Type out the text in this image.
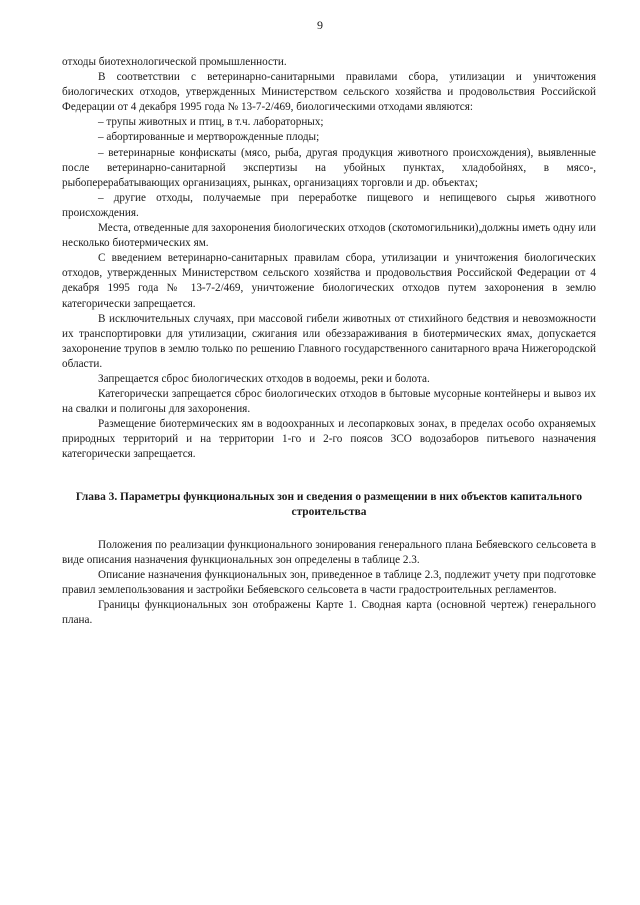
9

отходы биотехнологической промышленности.

В соответствии с ветеринарно-санитарными правилами сбора, утилизации и уничтожения биологических отходов, утвержденных Министерством сельского хозяйства и продовольствия Российской Федерации от 4 декабря 1995 года № 13-7-2/469, биологическими отходами являются:

– трупы животных и птиц, в т.ч. лабораторных;

– абортированные и мертворожденные плоды;

– ветеринарные конфискаты (мясо, рыба, другая продукция животного происхождения), выявленные после ветеринарно-санитарной экспертизы на убойных пунктах, хладобойнях, в мясо-, рыбоперерабатывающих организациях, рынках, организациях торговли и др. объектах;

– другие отходы, получаемые при переработке пищевого и непищевого сырья животного происхождения.

Места, отведенные для захоронения биологических отходов (скотомогильники),должны иметь одну или несколько биотермических ям.

С введением ветеринарно-санитарных правилам сбора, утилизации и уничтожения биологических отходов, утвержденных Министерством сельского хозяйства и продовольствия Российской Федерации от 4 декабря 1995 года № 13-7-2/469, уничтожение биологических отходов путем захоронения в землю категорически запрещается.

В исключительных случаях, при массовой гибели животных от стихийного бедствия и невозможности их транспортировки для утилизации, сжигания или обеззараживания в биотермических ямах, допускается захоронение трупов в землю только по решению Главного государственного санитарного врача Нижегородской области.

Запрещается сброс биологических отходов в водоемы, реки и болота.

Категорически запрещается сброс биологических отходов в бытовые мусорные контейнеры и вывоз их на свалки и полигоны для захоронения.

Размещение биотермических ям в водоохранных и лесопарковых зонах, в пределах особо охраняемых природных территорий и на территории 1-го и 2-го поясов ЗСО водозаборов питьевого назначения категорически запрещается.

Глава 3. Параметры функциональных зон и сведения о размещении в них объектов капитального строительства

Положения по реализации функционального зонирования генерального плана Бебяевского сельсовета в виде описания назначения функциональных зон определены в таблице 2.3.

Описание назначения функциональных зон, приведенное в таблице 2.3, подлежит учету при подготовке правил землепользования и застройки Бебяевского сельсовета в части градостроительных регламентов.

Границы функциональных зон отображены Карте 1. Сводная карта (основной чертеж) генерального плана.
